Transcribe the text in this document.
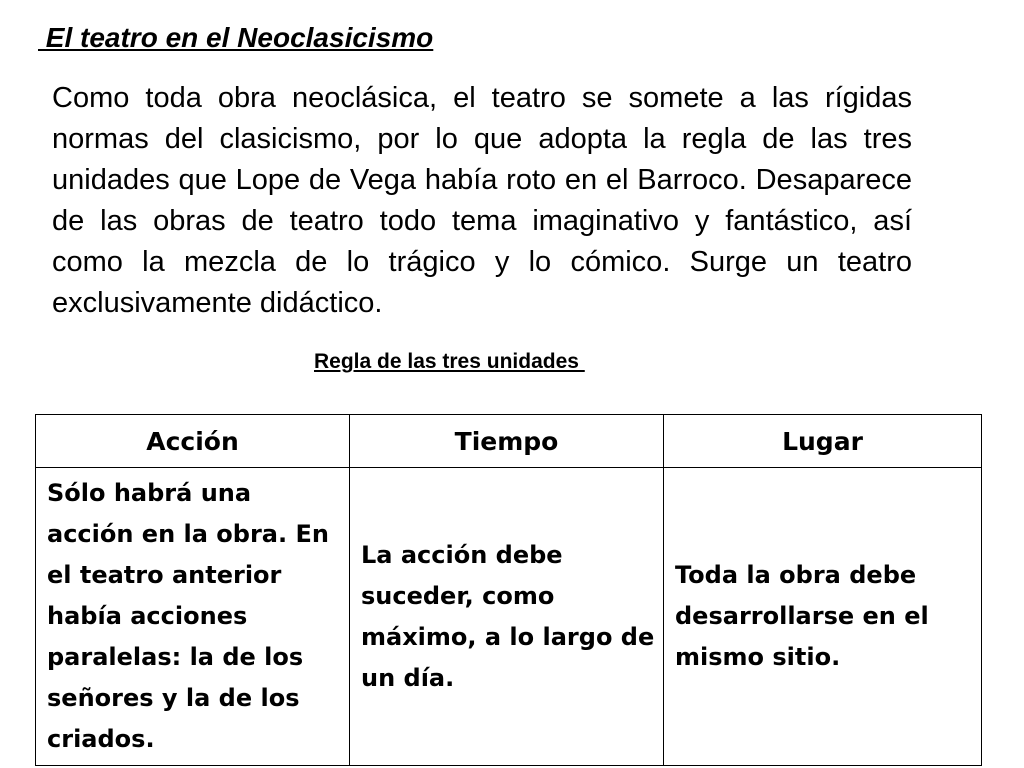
El teatro en el Neoclasicismo

Como toda obra neoclásica, el teatro se somete a las rígidas normas del clasicismo, por lo que adopta la regla de las tres unidades que Lope de Vega había roto en el Barroco. Desaparece de las obras de teatro todo tema imaginativo y fantástico, así como la mezcla de lo trágico y lo cómico. Surge un teatro exclusivamente didáctico.

Regla de las tres unidades
Acción	Tiempo	Lugar
Sólo habrá una acción en la obra. En el teatro anterior había acciones paralelas: la de los señores y la de los criados.	La acción debe suceder, como máximo, a lo largo de un día.	Toda la obra debe desarrollarse en el mismo sitio.
